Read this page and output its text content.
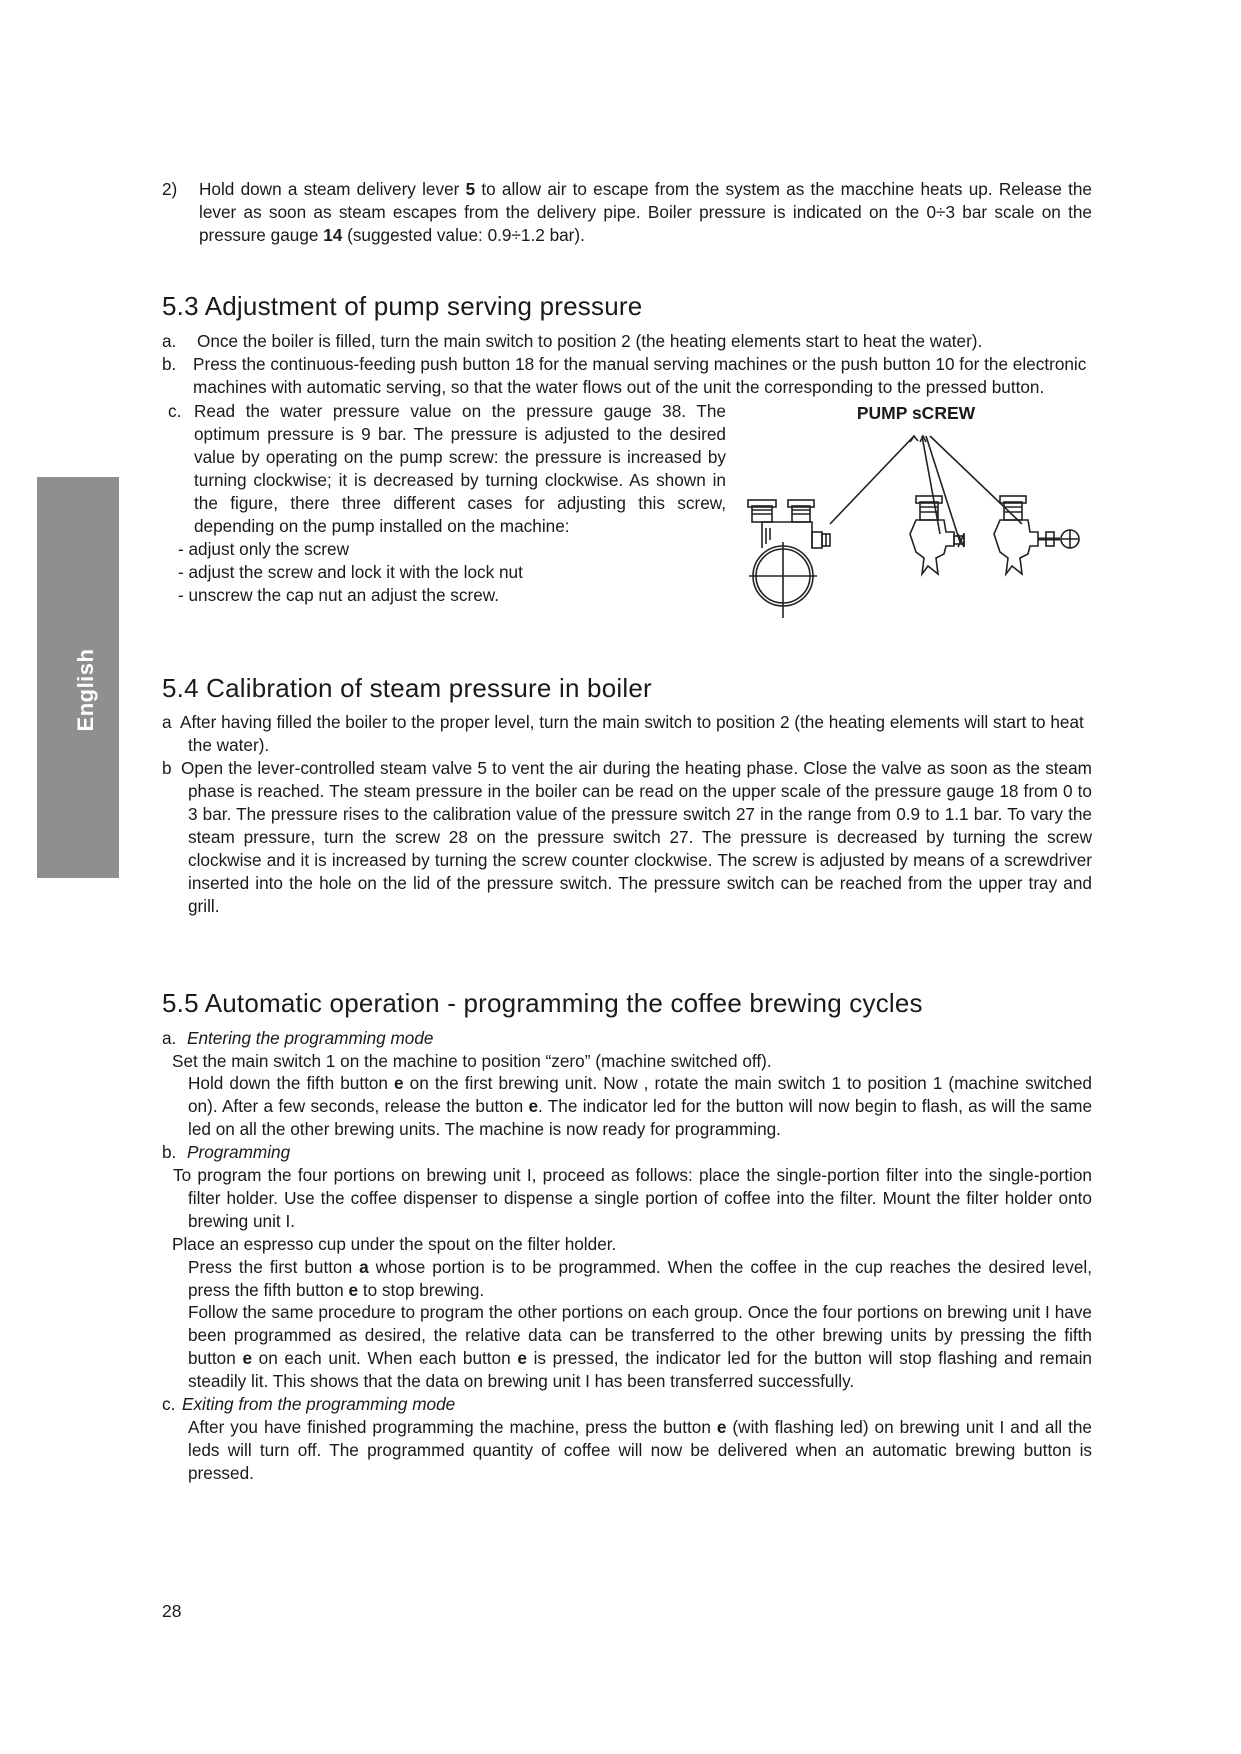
English
2)	Hold down a steam delivery lever 5 to allow air to escape from the system as the macchine heats up. Release the lever as soon as steam escapes from the delivery pipe. Boiler pressure is indicated on the 0÷3 bar scale on the pressure gauge 14 (suggested value: 0.9÷1.2 bar).

5.3 Adjustment of pump serving pressure
a.	Once the boiler is filled, turn the main switch to position 2 (the heating elements start to heat the water).

b. Press the continuous-feeding push button 18 for the manual serving machines or the push button 10 for the electronic machines with automatic serving, so that the water flows out of the unit the corresponding to the pressed button.

c. Read the water pressure value on the pressure gauge 38. The optimum pressure is 9 bar. The pressure is adjusted to the desired value by operating on the pump screw: the pressure is increased by turning clockwise; it is decreased by turning clockwise. As shown in the figure, there three different cases for adjusting this screw, depending on the pump installed on the machine:

- adjust only the screw

- adjust the screw and lock it with the lock nut

- unscrew the cap nut an adjust the screw.

PUMP sCREW
5.4 Calibration of steam pressure in boiler
a After having filled the boiler to the proper level, turn the main switch to position 2 (the heating elements will start to heat the water).

b Open the lever-controlled steam valve 5 to vent the air during the heating phase. Close the valve as soon as the steam phase is reached. The steam pressure in the boiler can be read on the upper scale of the pressure gauge 18 from 0 to 3 bar. The pressure rises to the calibration value of the pressure switch 27 in the range from 0.9 to 1.1 bar. To vary the steam pressure, turn the screw 28 on the pressure switch 27. The pressure is decreased by turning the screw clockwise and it is increased by turning the screw counter clockwise. The screw is adjusted by means of a screwdriver inserted into the hole on the lid of the pressure switch. The pressure switch can be reached from the upper tray and grill.

5.5 Automatic operation - programming the coffee brewing cycles
a. Entering the programming mode

Set the main switch 1 on the machine to position “zero” (machine switched off).

Hold down the fifth button e on the first brewing unit. Now , rotate the main switch 1 to position 1 (machine switched on). After a few seconds, release the button e. The indicator led for the button will now begin to flash, as will the same led on all the other brewing units. The machine is now ready for programming.

b. Programming

To program the four portions on brewing unit I, proceed as follows: place the single-portion filter into the single-portion filter holder. Use the coffee dispenser to dispense a single portion of coffee into the filter. Mount the filter holder onto brewing unit I.

Place an espresso cup under the spout on the filter holder.

Press the first button a whose portion is to be programmed. When the coffee in the cup reaches the desired level, press the fifth button e to stop brewing.

Follow the same procedure to program the other portions on each group. Once the four portions on brewing unit I have been programmed as desired, the relative data can be transferred to the other brewing units by pressing the fifth button e on each unit. When each button e is pressed, the indicator led for the button will stop flashing and remain steadily lit. This shows that the data on brewing unit I has been transferred successfully.

c. Exiting from the programming mode

After you have finished programming the machine, press the button e (with flashing led) on brewing unit I and all the leds will turn off. The programmed quantity of coffee will now be delivered when an automatic brewing button is pressed.

28
